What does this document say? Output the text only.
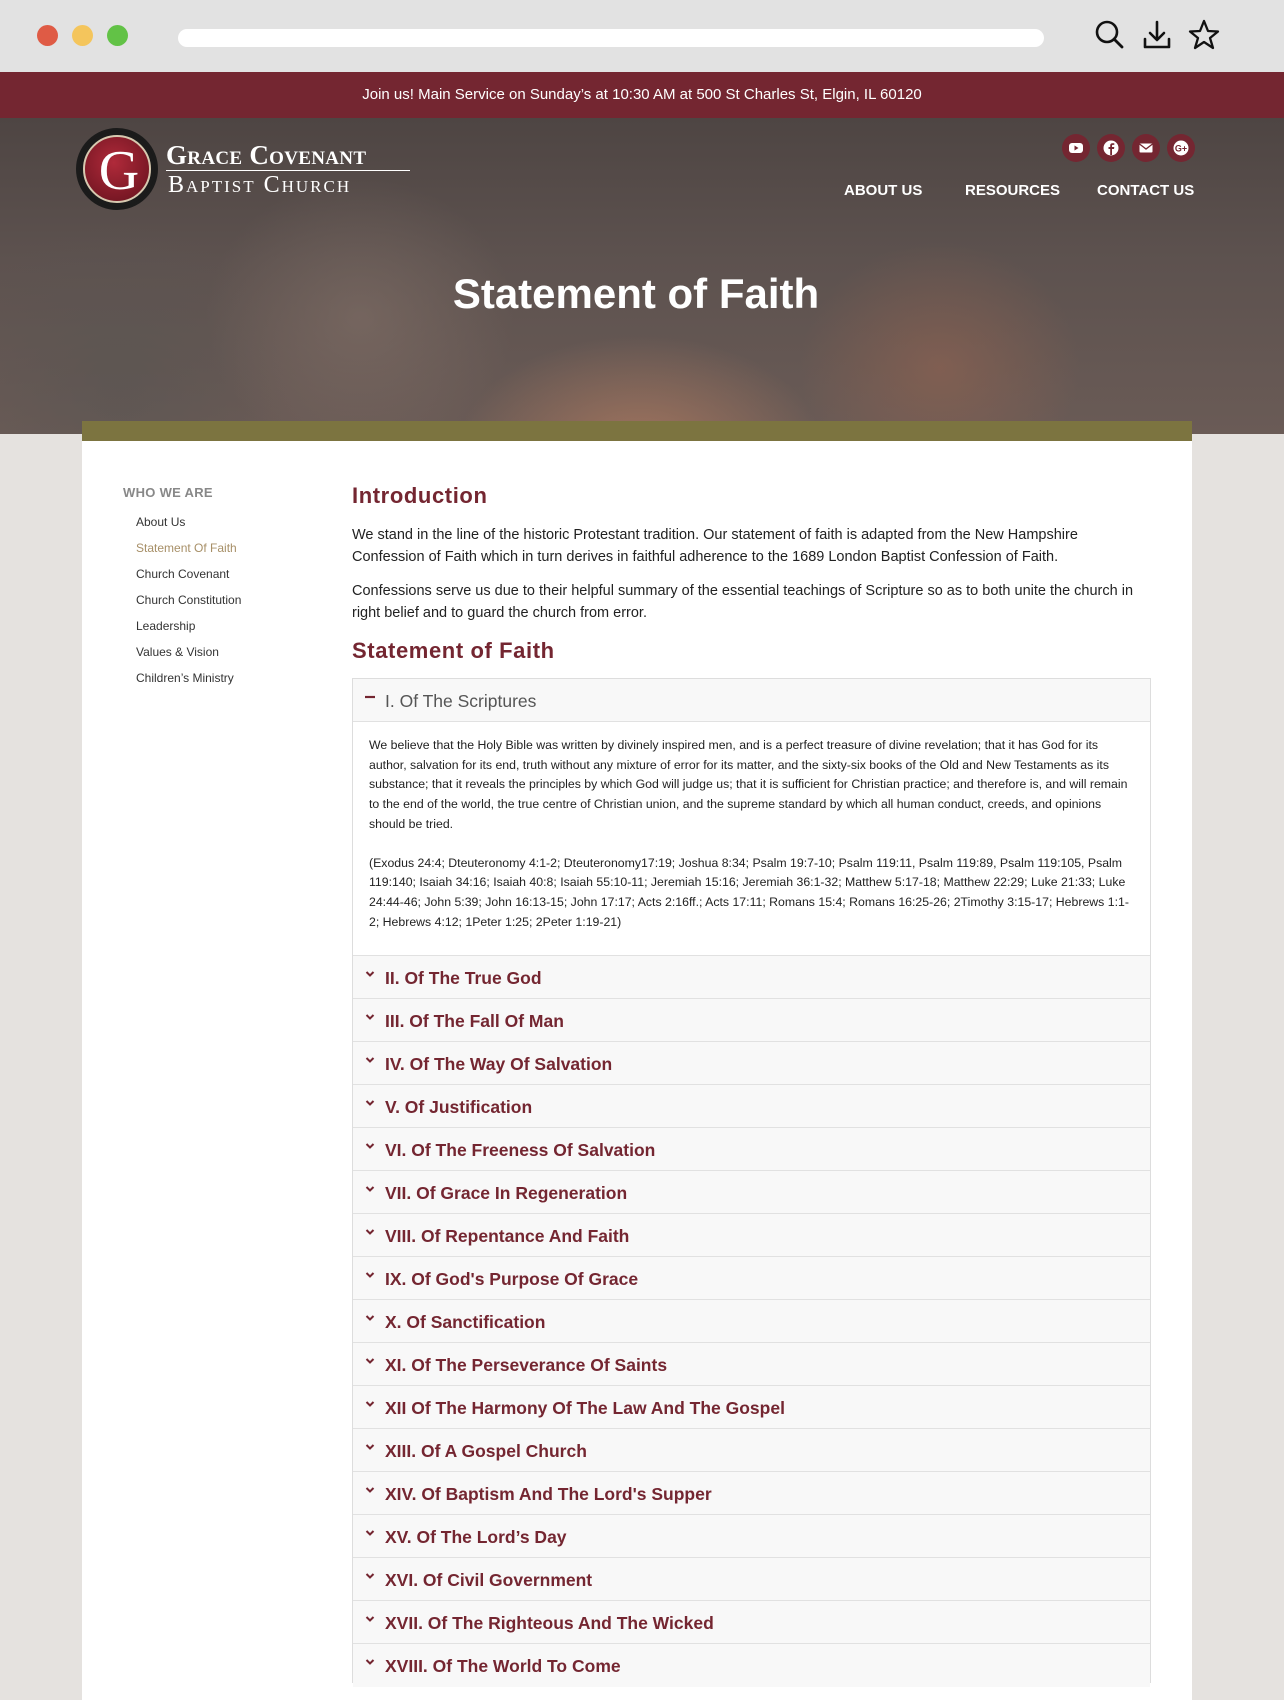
Join us! Main Service on Sunday’s at 10:30 AM at 500 St Charles St, Elgin, IL 60120
G Grace Covenant
Baptist Church
G+
ABOUT US	RESOURCES CONTACT US
Statement of Faith
WHO WE ARE
About Us
Statement Of Faith
Church Covenant
Church Constitution
Leadership
Values & Vision
Children’s Ministry
Introduction
We stand in the line of the historic Protestant tradition. Our statement of faith is adapted from the New Hampshire Confession of Faith which in turn derives in faithful adherence to the 1689 London Baptist Confession of Faith.
Confessions serve us due to their helpful summary of the essential teachings of Scripture so as to both unite the church in right belief and to guard the church from error.
Statement of Faith
I. Of The Scriptures

We believe that the Holy Bible was written by divinely inspired men, and is a perfect treasure of divine revelation; that it has God for its author, salvation for its end, truth without any mixture of error for its matter, and the sixty-six books of the Old and New Testaments as its substance; that it reveals the principles by which God will judge us; that it is sufficient for Christian practice; and therefore is, and will remain to the end of the world, the true centre of Christian union, and the supreme standard by which all human conduct, creeds, and opinions should be tried.

(Exodus 24:4; Dteuteronomy 4:1-2; Dteuteronomy17:19; Joshua 8:34; Psalm 19:7-10; Psalm 119:11, Psalm 119:89, Psalm 119:105, Psalm 119:140; Isaiah 34:16; Isaiah 40:8; Isaiah 55:10-11; Jeremiah 15:16; Jeremiah 36:1-32; Matthew 5:17-18; Matthew 22:29; Luke 21:33; Luke 24:44-46; John 5:39; John 16:13-15; John 17:17; Acts 2:16ff.; Acts 17:11; Romans 15:4; Romans 16:25-26; 2Timothy 3:15-17; Hebrews 1:1-2; Hebrews 4:12; 1Peter 1:25; 2Peter 1:19-21)

II. Of The True God
III. Of The Fall Of Man
IV. Of The Way Of Salvation
V. Of Justification
VI. Of The Freeness Of Salvation
VII. Of Grace In Regeneration
VIII. Of Repentance And Faith
IX. Of God's Purpose Of Grace
X. Of Sanctification
XI. Of The Perseverance Of Saints
XII Of The Harmony Of The Law And The Gospel
XIII. Of A Gospel Church
XIV. Of Baptism And The Lord's Supper
XV. Of The Lord’s Day
XVI. Of Civil Government
XVII. Of The Righteous And The Wicked
XVIII. Of The World To Come
